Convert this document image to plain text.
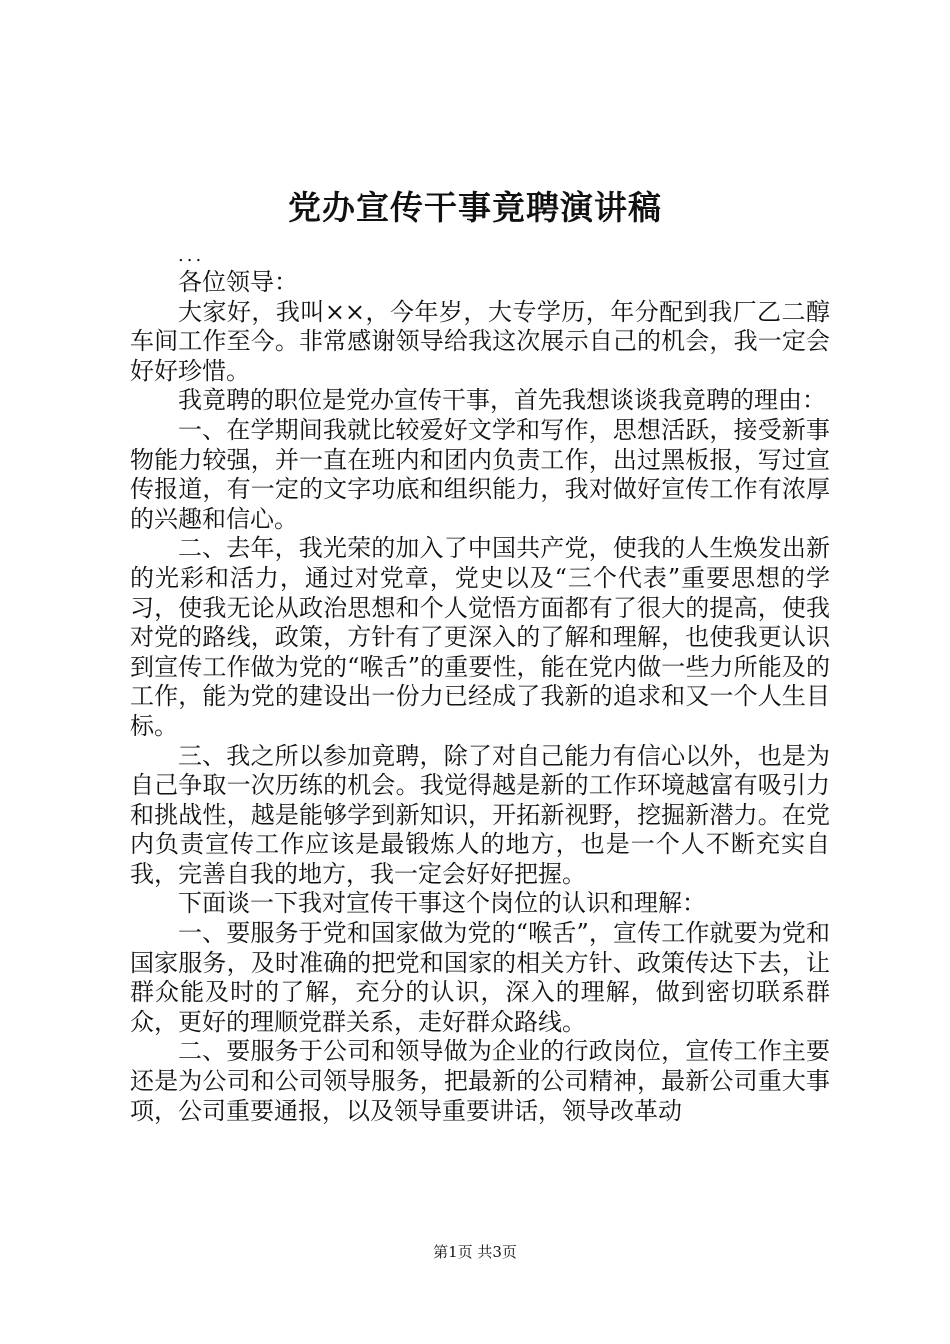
党办宣传干事竟聘演讲稿
...

各位领导：

大家好，我叫××，今年岁，大专学历，年分配到我厂乙二醇车间工作至今。非常感谢领导给我这次展示自己的机会，我一定会好好珍惜。

我竟聘的职位是党办宣传干事，首先我想谈谈我竟聘的理由：

一、在学期间我就比较爱好文学和写作，思想活跃，接受新事物能力较强，并一直在班内和团内负责工作，出过黑板报，写过宣传报道，有一定的文字功底和组织能力，我对做好宣传工作有浓厚的兴趣和信心。

二、去年，我光荣的加入了中国共产党，使我的人生焕发出新的光彩和活力，通过对党章，党史以及“三个代表”重要思想的学习，使我无论从政治思想和个人觉悟方面都有了很大的提高，使我对党的路线，政策，方针有了更深入的了解和理解，也使我更认识到宣传工作做为党的“喉舌”的重要性，能在党内做一些力所能及的工作，能为党的建设出一份力已经成了我新的追求和又一个人生目标。

三、我之所以参加竟聘，除了对自己能力有信心以外，也是为自己争取一次历练的机会。我觉得越是新的工作环境越富有吸引力和挑战性，越是能够学到新知识，开拓新视野，挖掘新潜力。在党内负责宣传工作应该是最锻炼人的地方，也是一个人不断充实自我，完善自我的地方，我一定会好好把握。

下面谈一下我对宣传干事这个岗位的认识和理解：

一、要服务于党和国家做为党的“喉舌”，宣传工作就要为党和国家服务，及时准确的把党和国家的相关方针、政策传达下去，让群众能及时的了解，充分的认识，深入的理解，做到密切联系群众，更好的理顺党群关系，走好群众路线。

二、要服务于公司和领导做为企业的行政岗位，宣传工作主要还是为公司和公司领导服务，把最新的公司精神，最新公司重大事项，公司重要通报，以及领导重要讲话，领导改革动

第1页 共3页
